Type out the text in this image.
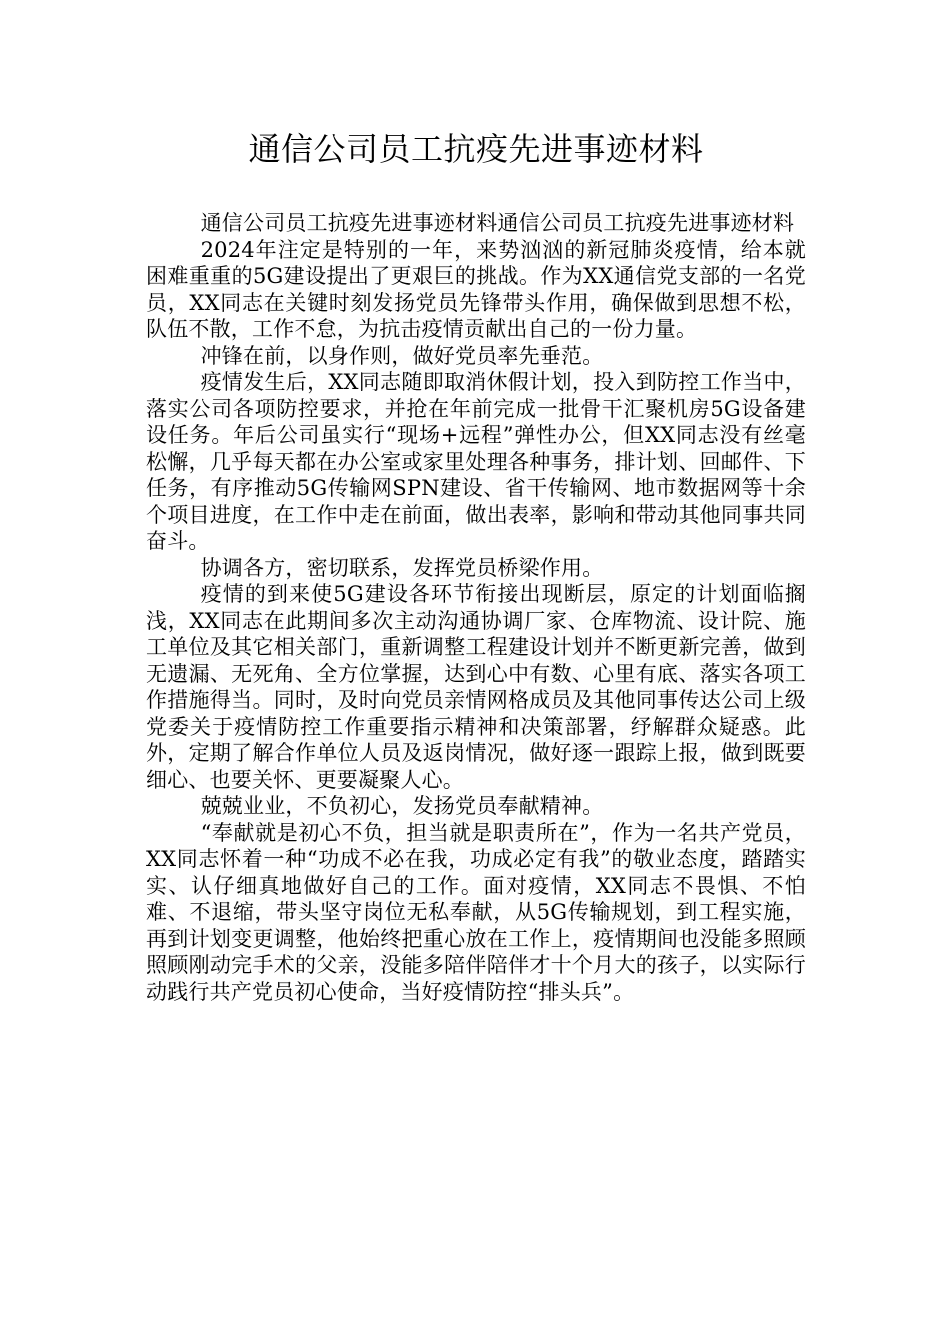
通信公司员工抗疫先进事迹材料

通信公司员工抗疫先进事迹材料通信公司员工抗疫先进事迹材料

2024年注定是特别的一年，来势汹汹的新冠肺炎疫情，给本就困难重重的5G建设提出了更艰巨的挑战。作为XX通信党支部的一名党员，XX同志在关键时刻发扬党员先锋带头作用，确保做到思想不松，队伍不散，工作不怠，为抗击疫情贡献出自己的一份力量。

冲锋在前，以身作则，做好党员率先垂范。

疫情发生后，XX同志随即取消休假计划，投入到防控工作当中，落实公司各项防控要求，并抢在年前完成一批骨干汇聚机房5G设备建设任务。年后公司虽实行“现场+远程”弹性办公，但XX同志没有丝毫松懈，几乎每天都在办公室或家里处理各种事务，排计划、回邮件、下任务，有序推动5G传输网SPN建设、省干传输网、地市数据网等十余个项目进度，在工作中走在前面，做出表率，影响和带动其他同事共同奋斗。

协调各方，密切联系，发挥党员桥梁作用。

疫情的到来使5G建设各环节衔接出现断层，原定的计划面临搁浅，XX同志在此期间多次主动沟通协调厂家、仓库物流、设计院、施工单位及其它相关部门，重新调整工程建设计划并不断更新完善，做到无遗漏、无死角、全方位掌握，达到心中有数、心里有底、落实各项工作措施得当。同时，及时向党员亲情网格成员及其他同事传达公司上级党委关于疫情防控工作重要指示精神和决策部署，纾解群众疑惑。此外，定期了解合作单位人员及返岗情况，做好逐一跟踪上报，做到既要细心、也要关怀、更要凝聚人心。

兢兢业业，不负初心，发扬党员奉献精神。

“奉献就是初心不负，担当就是职责所在”，作为一名共产党员，XX同志怀着一种“功成不必在我，功成必定有我”的敬业态度，踏踏实实、认仔细真地做好自己的工作。面对疫情，XX同志不畏惧、不怕难、不退缩，带头坚守岗位无私奉献，从5G传输规划，到工程实施，再到计划变更调整，他始终把重心放在工作上，疫情期间也没能多照顾照顾刚动完手术的父亲，没能多陪伴陪伴才十个月大的孩子，以实际行动践行共产党员初心使命，当好疫情防控“排头兵”。
